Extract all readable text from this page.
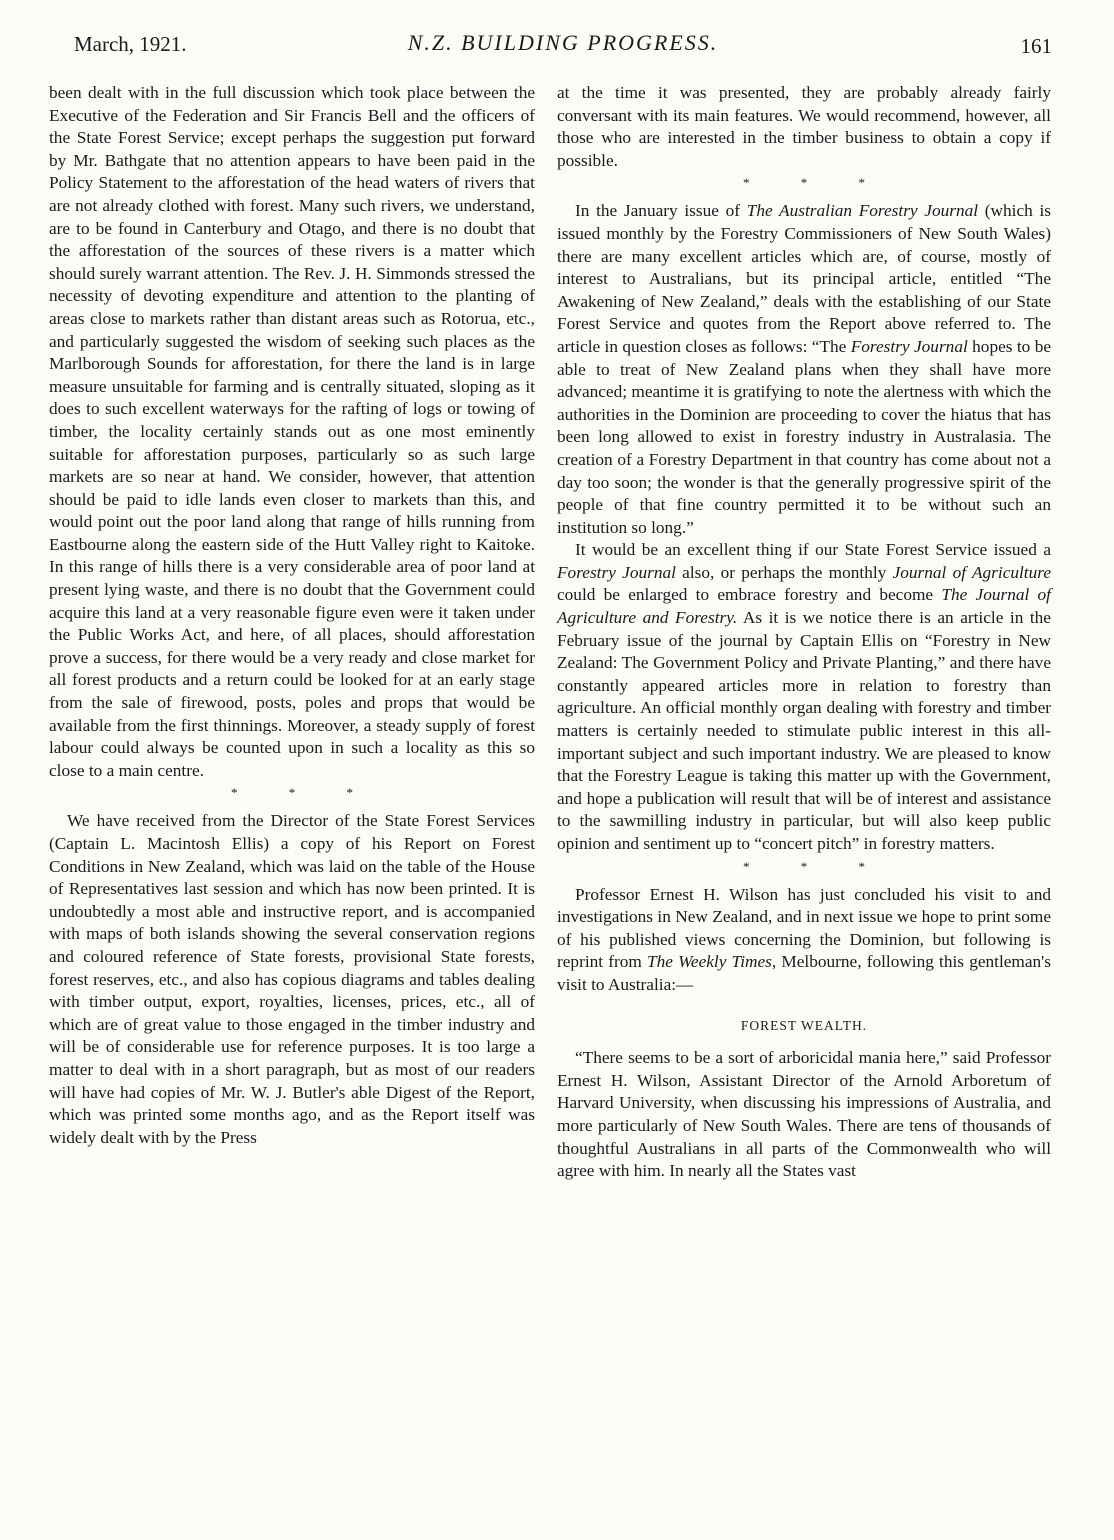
March, 1921.	N.Z. BUILDING PROGRESS.	161

been dealt with in the full discussion which took place between the Executive of the Federation and Sir Francis Bell and the officers of the State Forest Service; except perhaps the suggestion put forward by Mr. Bathgate that no attention appears to have been paid in the Policy Statement to the afforestation of the head waters of rivers that are not already clothed with forest. Many such rivers, we understand, are to be found in Canterbury and Otago, and there is no doubt that the afforestation of the sources of these rivers is a matter which should surely warrant attention. The Rev. J. H. Simmonds stressed the necessity of devoting expenditure and attention to the planting of areas close to markets rather than distant areas such as Rotorua, etc., and particularly suggested the wisdom of seeking such places as the Marlborough Sounds for afforestation, for there the land is in large measure unsuitable for farming and is centrally situated, sloping as it does to such excellent waterways for the rafting of logs or towing of timber, the locality certainly stands out as one most eminently suitable for afforestation purposes, particularly so as such large markets are so near at hand. We consider, however, that attention should be paid to idle lands even closer to markets than this, and would point out the poor land along that range of hills running from Eastbourne along the eastern side of the Hutt Valley right to Kaitoke. In this range of hills there is a very considerable area of poor land at present lying waste, and there is no doubt that the Government could acquire this land at a very reasonable figure even were it taken under the Public Works Act, and here, of all places, should afforestation prove a success, for there would be a very ready and close market for all forest products and a return could be looked for at an early stage from the sale of firewood, posts, poles and props that would be available from the first thinnings. Moreover, a steady supply of forest labour could always be counted upon in such a locality as this so close to a main centre.

* * *

We have received from the Director of the State Forest Services (Captain L. Macintosh Ellis) a copy of his Report on Forest Conditions in New Zealand, which was laid on the table of the House of Representatives last session and which has now been printed. It is undoubtedly a most able and instructive report, and is accompanied with maps of both islands showing the several conservation regions and coloured reference of State forests, provisional State forests, forest reserves, etc., and also has copious diagrams and tables dealing with timber output, export, royalties, licenses, prices, etc., all of which are of great value to those engaged in the timber industry and will be of considerable use for reference purposes. It is too large a matter to deal with in a short paragraph, but as most of our readers will have had copies of Mr. W. J. Butler's able Digest of the Report, which was printed some months ago, and as the Report itself was widely dealt with by the Press

at the time it was presented, they are probably already fairly conversant with its main features. We would recommend, however, all those who are interested in the timber business to obtain a copy if possible.

* * *

In the January issue of The Australian Forestry Journal (which is issued monthly by the Forestry Commissioners of New South Wales) there are many excellent articles which are, of course, mostly of interest to Australians, but its principal article, entitled “The Awakening of New Zealand,” deals with the establishing of our State Forest Service and quotes from the Report above referred to. The article in question closes as follows: “The Forestry Journal hopes to be able to treat of New Zealand plans when they shall have more advanced; meantime it is gratifying to note the alertness with which the authorities in the Dominion are proceeding to cover the hiatus that has been long allowed to exist in forestry industry in Australasia. The creation of a Forestry Department in that country has come about not a day too soon; the wonder is that the generally progressive spirit of the people of that fine country permitted it to be without such an institution so long.”

It would be an excellent thing if our State Forest Service issued a Forestry Journal also, or perhaps the monthly Journal of Agriculture could be enlarged to embrace forestry and become The Journal of Agriculture and Forestry. As it is we notice there is an article in the February issue of the journal by Captain Ellis on “Forestry in New Zealand: The Government Policy and Private Planting,” and there have constantly appeared articles more in relation to forestry than agriculture. An official monthly organ dealing with forestry and timber matters is certainly needed to stimulate public interest in this all-important subject and such important industry. We are pleased to know that the Forestry League is taking this matter up with the Government, and hope a publication will result that will be of interest and assistance to the sawmilling industry in particular, but will also keep public opinion and sentiment up to “concert pitch” in forestry matters.

* * *

Professor Ernest H. Wilson has just concluded his visit to and investigations in New Zealand, and in next issue we hope to print some of his published views concerning the Dominion, but following is reprint from The Weekly Times, Melbourne, following this gentleman's visit to Australia:—

FOREST WEALTH.

“There seems to be a sort of arboricidal mania here,” said Professor Ernest H. Wilson, Assistant Director of the Arnold Arboretum of Harvard University, when discussing his impressions of Australia, and more particularly of New South Wales. There are tens of thousands of thoughtful Australians in all parts of the Commonwealth who will agree with him. In nearly all the States vast
